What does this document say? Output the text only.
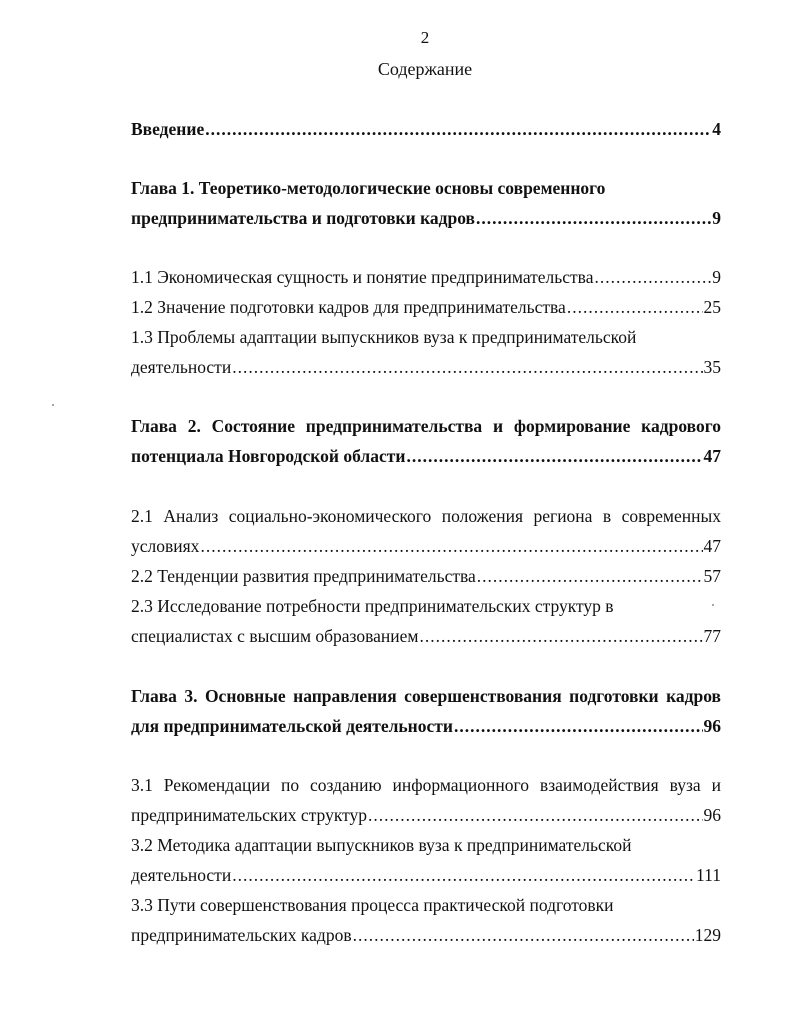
2
Содержание
Введение .....	4
Глава 1. Теоретико-методологические основы современного
предпринимательства и подготовки кадров .....	9
1.1 Экономическая сущность и понятие предпринимательства .....	9
1.2 Значение подготовки кадров для предпринимательства .....	25
1.3 Проблемы адаптации выпускников вуза к предпринимательской
деятельности .....	35
Глава 2. Состояние предпринимательства и формирование кадрового
потенциала Новгородской области .....	47
2.1 Анализ социально-экономического положения региона в современных
условиях .....	47
2.2 Тенденции развития предпринимательства .....	57
2.3 Исследование потребности предпринимательских структур в
специалистах с высшим образованием .....	77
Глава 3. Основные направления совершенствования подготовки кадров
для предпринимательской деятельности .....	96
3.1 Рекомендации по созданию информационного взаимодействия вуза и
предпринимательских структур .....	96
3.2 Методика адаптации выпускников вуза к предпринимательской
деятельности .....	111
3.3 Пути совершенствования процесса практической подготовки
предпринимательских кадров .....	129
